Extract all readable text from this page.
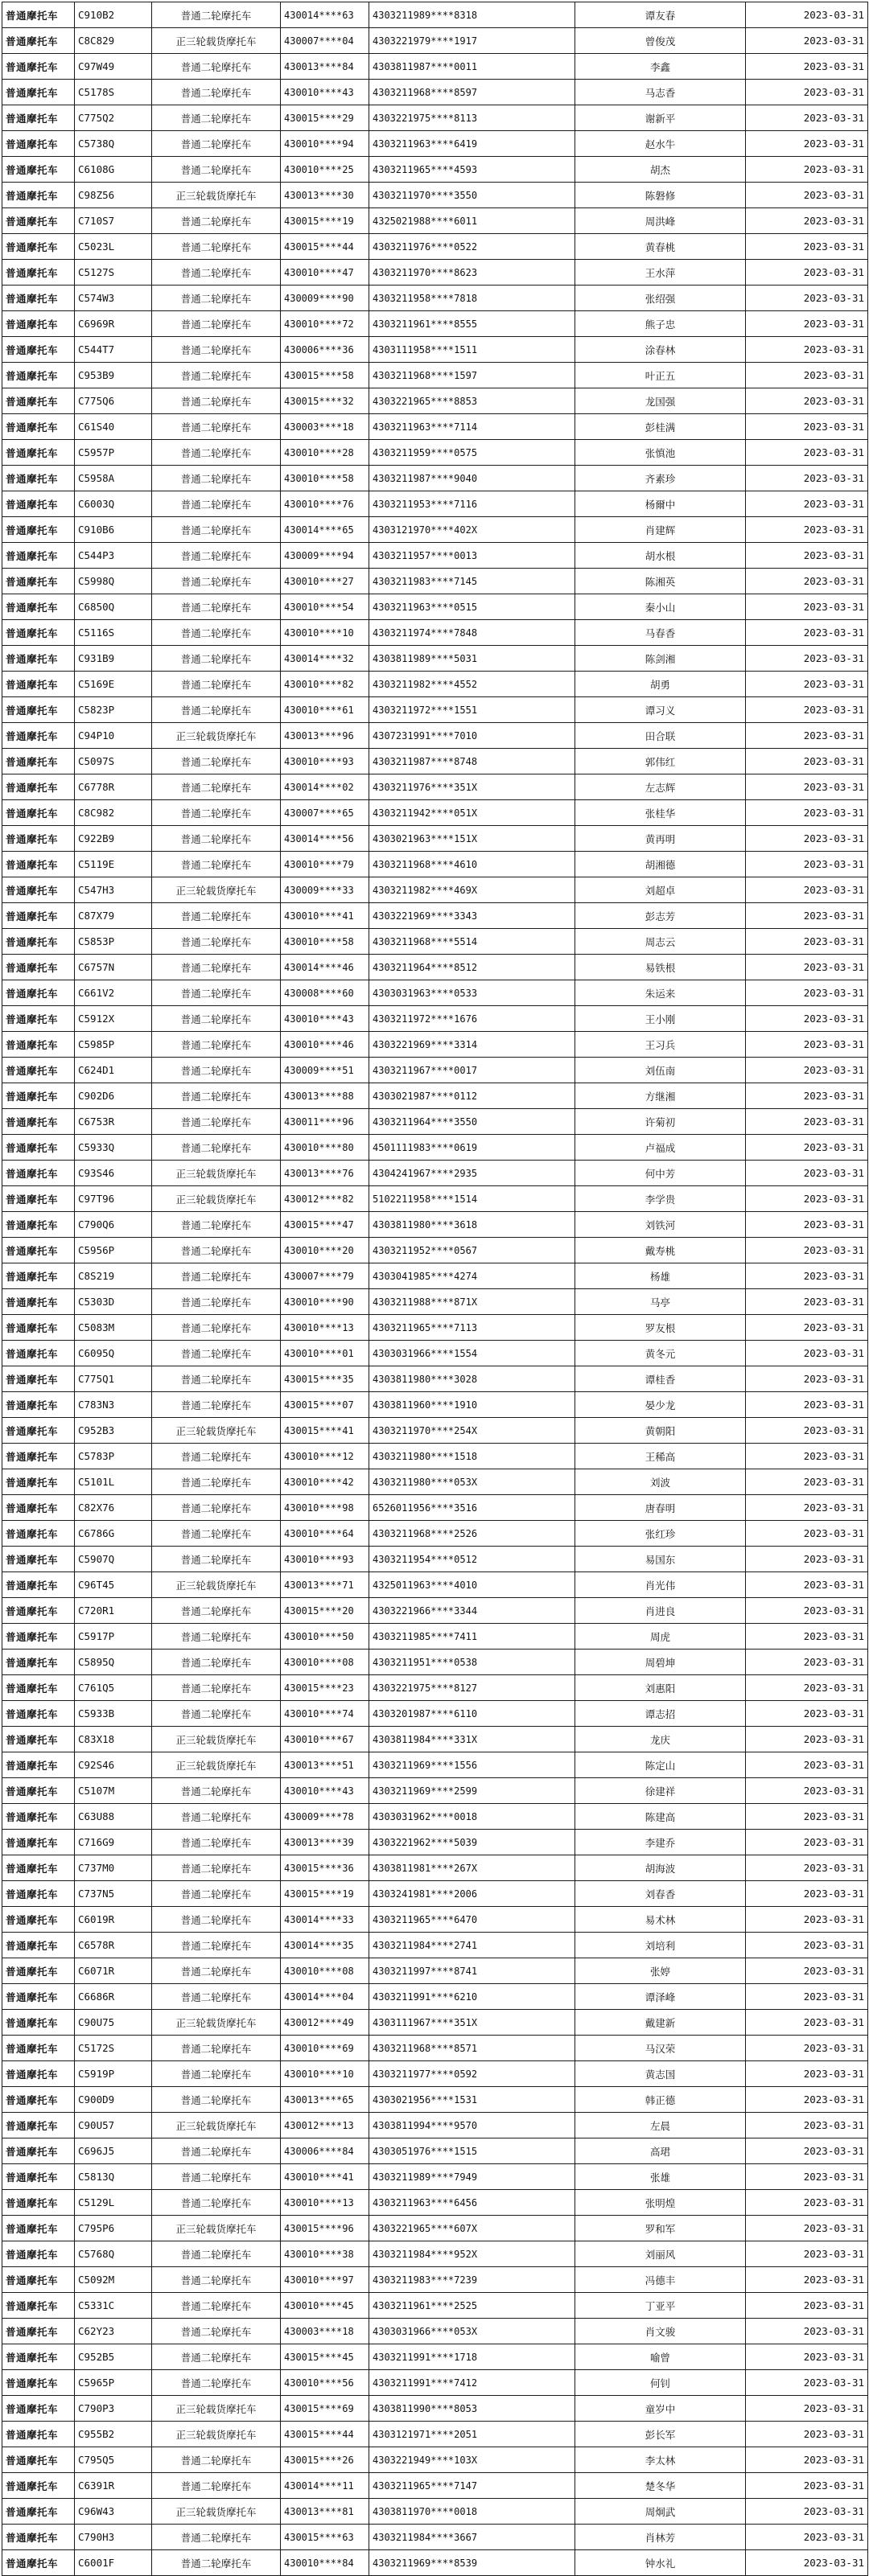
普通摩托车	C910B2	普通二轮摩托车	430014****63	4303211989****8318	谭友春	2023-03-31
普通摩托车	C8C829	正三轮载货摩托车	430007****04	4303221979****1917	曾俊茂	2023-03-31
普通摩托车	C97W49	普通二轮摩托车	430013****84	4303811987****0011	李鑫	2023-03-31
普通摩托车	C5178S	普通二轮摩托车	430010****43	4303211968****8597	马志香	2023-03-31
普通摩托车	C775Q2	普通二轮摩托车	430015****29	4303221975****8113	谢新平	2023-03-31
普通摩托车	C5738Q	普通二轮摩托车	430010****94	4303211963****6419	赵水牛	2023-03-31
普通摩托车	C6108G	普通二轮摩托车	430010****25	4303211965****4593	胡杰	2023-03-31
普通摩托车	C98Z56	正三轮载货摩托车	430013****30	4303211970****3550	陈磐修	2023-03-31
普通摩托车	C710S7	普通二轮摩托车	430015****19	4325021988****6011	周洪峰	2023-03-31
普通摩托车	C5023L	普通二轮摩托车	430015****44	4303211976****0522	黄春桃	2023-03-31
普通摩托车	C5127S	普通二轮摩托车	430010****47	4303211970****8623	王水萍	2023-03-31
普通摩托车	C574W3	普通二轮摩托车	430009****90	4303211958****7818	张绍强	2023-03-31
普通摩托车	C6969R	普通二轮摩托车	430010****72	4303211961****8555	熊子忠	2023-03-31
普通摩托车	C544T7	普通二轮摩托车	430006****36	4303111958****1511	涂春林	2023-03-31
普通摩托车	C953B9	普通二轮摩托车	430015****58	4303211968****1597	叶正五	2023-03-31
普通摩托车	C775Q6	普通二轮摩托车	430015****32	4303221965****8853	龙国强	2023-03-31
普通摩托车	C61S40	普通二轮摩托车	430003****18	4303211963****7114	彭桂满	2023-03-31
普通摩托车	C5957P	普通二轮摩托车	430010****28	4303211959****0575	张慎池	2023-03-31
普通摩托车	C5958A	普通二轮摩托车	430010****58	4303211987****9040	齐素珍	2023-03-31
普通摩托车	C6003Q	普通二轮摩托车	430010****76	4303211953****7116	杨爾中	2023-03-31
普通摩托车	C910B6	普通二轮摩托车	430014****65	4303121970****402X	肖建辉	2023-03-31
普通摩托车	C544P3	普通二轮摩托车	430009****94	4303211957****0013	胡水根	2023-03-31
普通摩托车	C5998Q	普通二轮摩托车	430010****27	4303211983****7145	陈湘英	2023-03-31
普通摩托车	C6850Q	普通二轮摩托车	430010****54	4303211963****0515	秦小山	2023-03-31
普通摩托车	C5116S	普通二轮摩托车	430010****10	4303211974****7848	马春香	2023-03-31
普通摩托车	C931B9	普通二轮摩托车	430014****32	4303811989****5031	陈剑湘	2023-03-31
普通摩托车	C5169E	普通二轮摩托车	430010****82	4303211982****4552	胡勇	2023-03-31
普通摩托车	C5823P	普通二轮摩托车	430010****61	4303211972****1551	谭习义	2023-03-31
普通摩托车	C94P10	正三轮载货摩托车	430013****96	4307231991****7010	田合联	2023-03-31
普通摩托车	C5097S	普通二轮摩托车	430010****93	4303211987****8748	郭伟红	2023-03-31
普通摩托车	C6778R	普通二轮摩托车	430014****02	4303211976****351X	左志辉	2023-03-31
普通摩托车	C8C982	普通二轮摩托车	430007****65	4303211942****051X	张桂华	2023-03-31
普通摩托车	C922B9	普通二轮摩托车	430014****56	4303021963****151X	黄再明	2023-03-31
普通摩托车	C5119E	普通二轮摩托车	430010****79	4303211968****4610	胡湘德	2023-03-31
普通摩托车	C547H3	正三轮载货摩托车	430009****33	4303211982****469X	刘超卓	2023-03-31
普通摩托车	C87X79	普通二轮摩托车	430010****41	4303221969****3343	彭志芳	2023-03-31
普通摩托车	C5853P	普通二轮摩托车	430010****58	4303211968****5514	周志云	2023-03-31
普通摩托车	C6757N	普通二轮摩托车	430014****46	4303211964****8512	易铁根	2023-03-31
普通摩托车	C661V2	普通二轮摩托车	430008****60	4303031963****0533	朱运来	2023-03-31
普通摩托车	C5912X	普通二轮摩托车	430010****43	4303211972****1676	王小刚	2023-03-31
普通摩托车	C5985P	普通二轮摩托车	430010****46	4303221969****3314	王习兵	2023-03-31
普通摩托车	C624D1	普通二轮摩托车	430009****51	4303211967****0017	刘伍南	2023-03-31
普通摩托车	C902D6	普通二轮摩托车	430013****88	4303021987****0112	方继湘	2023-03-31
普通摩托车	C6753R	普通二轮摩托车	430011****96	4303211964****3550	许菊初	2023-03-31
普通摩托车	C5933Q	普通二轮摩托车	430010****80	4501111983****0619	卢福成	2023-03-31
普通摩托车	C93S46	正三轮载货摩托车	430013****76	4304241967****2935	何中芳	2023-03-31
普通摩托车	C97T96	正三轮载货摩托车	430012****82	5102211958****1514	李学贵	2023-03-31
普通摩托车	C790Q6	普通二轮摩托车	430015****47	4303811980****3618	刘铁河	2023-03-31
普通摩托车	C5956P	普通二轮摩托车	430010****20	4303211952****0567	戴寿桃	2023-03-31
普通摩托车	C8S219	普通二轮摩托车	430007****79	4303041985****4274	杨雄	2023-03-31
普通摩托车	C5303D	普通二轮摩托车	430010****90	4303211988****871X	马亭	2023-03-31
普通摩托车	C5083M	普通二轮摩托车	430010****13	4303211965****7113	罗友根	2023-03-31
普通摩托车	C6095Q	普通二轮摩托车	430010****01	4303031966****1554	黄冬元	2023-03-31
普通摩托车	C775Q1	普通二轮摩托车	430015****35	4303811980****3028	谭桂香	2023-03-31
普通摩托车	C783N3	普通二轮摩托车	430015****07	4303811960****1910	晏少龙	2023-03-31
普通摩托车	C952B3	正三轮载货摩托车	430015****41	4303211970****254X	黄朝阳	2023-03-31
普通摩托车	C5783P	普通二轮摩托车	430010****12	4303211980****1518	王稀高	2023-03-31
普通摩托车	C5101L	普通二轮摩托车	430010****42	4303211980****053X	刘波	2023-03-31
普通摩托车	C82X76	普通二轮摩托车	430010****98	6526011956****3516	唐春明	2023-03-31
普通摩托车	C6786G	普通二轮摩托车	430010****64	4303211968****2526	张红珍	2023-03-31
普通摩托车	C5907Q	普通二轮摩托车	430010****93	4303211954****0512	易国东	2023-03-31
普通摩托车	C96T45	正三轮载货摩托车	430013****71	4325011963****4010	肖光伟	2023-03-31
普通摩托车	C720R1	普通二轮摩托车	430015****20	4303221966****3344	肖进良	2023-03-31
普通摩托车	C5917P	普通二轮摩托车	430010****50	4303211985****7411	周虎	2023-03-31
普通摩托车	C5895Q	普通二轮摩托车	430010****08	4303211951****0538	周碧坤	2023-03-31
普通摩托车	C761Q5	普通二轮摩托车	430015****23	4303221975****8127	刘惠阳	2023-03-31
普通摩托车	C5933B	普通二轮摩托车	430010****74	4303201987****6110	谭志招	2023-03-31
普通摩托车	C83X18	正三轮载货摩托车	430010****67	4303811984****331X	龙庆	2023-03-31
普通摩托车	C92S46	正三轮载货摩托车	430013****51	4303211969****1556	陈定山	2023-03-31
普通摩托车	C5107M	普通二轮摩托车	430010****43	4303211969****2599	徐建祥	2023-03-31
普通摩托车	C63U88	普通二轮摩托车	430009****78	4303031962****0018	陈建高	2023-03-31
普通摩托车	C716G9	普通二轮摩托车	430013****39	4303221962****5039	李建乔	2023-03-31
普通摩托车	C737M0	普通二轮摩托车	430015****36	4303811981****267X	胡海波	2023-03-31
普通摩托车	C737N5	普通二轮摩托车	430015****19	4303241981****2006	刘春香	2023-03-31
普通摩托车	C6019R	普通二轮摩托车	430014****33	4303211965****6470	易术林	2023-03-31
普通摩托车	C6578R	普通二轮摩托车	430014****35	4303211984****2741	刘培利	2023-03-31
普通摩托车	C6071R	普通二轮摩托车	430010****08	4303211997****8741	张婷	2023-03-31
普通摩托车	C6686R	普通二轮摩托车	430014****04	4303211991****6210	谭泽峰	2023-03-31
普通摩托车	C90U75	正三轮载货摩托车	430012****49	4303111967****351X	戴建新	2023-03-31
普通摩托车	C5172S	普通二轮摩托车	430010****69	4303211968****8571	马汉荣	2023-03-31
普通摩托车	C5919P	普通二轮摩托车	430010****10	4303211977****0592	黄志国	2023-03-31
普通摩托车	C900D9	普通二轮摩托车	430013****65	4303021956****1531	韩正德	2023-03-31
普通摩托车	C90U57	正三轮载货摩托车	430012****13	4303811994****9570	左晨	2023-03-31
普通摩托车	C696J5	普通二轮摩托车	430006****84	4303051976****1515	高珺	2023-03-31
普通摩托车	C5813Q	普通二轮摩托车	430010****41	4303211989****7949	张雄	2023-03-31
普通摩托车	C5129L	普通二轮摩托车	430010****13	4303211963****6456	张明煌	2023-03-31
普通摩托车	C795P6	正三轮载货摩托车	430015****96	4303221965****607X	罗和军	2023-03-31
普通摩托车	C5768Q	普通二轮摩托车	430010****38	4303211984****952X	刘丽风	2023-03-31
普通摩托车	C5092M	普通二轮摩托车	430010****97	4303211983****7239	冯德丰	2023-03-31
普通摩托车	C5331C	普通二轮摩托车	430010****45	4303211961****2525	丁亚平	2023-03-31
普通摩托车	C62Y23	普通二轮摩托车	430003****18	4303031966****053X	肖文骏	2023-03-31
普通摩托车	C952B5	普通二轮摩托车	430015****45	4303211991****1718	喻曾	2023-03-31
普通摩托车	C5965P	普通二轮摩托车	430010****56	4303211991****7412	何钊	2023-03-31
普通摩托车	C790P3	正三轮载货摩托车	430015****69	4303811990****8053	童岁中	2023-03-31
普通摩托车	C955B2	正三轮载货摩托车	430015****44	4303121971****2051	彭长军	2023-03-31
普通摩托车	C795Q5	普通二轮摩托车	430015****26	4303221949****103X	李太林	2023-03-31
普通摩托车	C6391R	普通二轮摩托车	430014****11	4303211965****7147	楚冬华	2023-03-31
普通摩托车	C96W43	正三轮载货摩托车	430013****81	4303811970****0018	周炯武	2023-03-31
普通摩托车	C790H3	普通二轮摩托车	430015****63	4303211984****3667	肖林芳	2023-03-31
普通摩托车	C6001F	普通二轮摩托车	430010****84	4303211969****8539	钟水礼	2023-03-31
